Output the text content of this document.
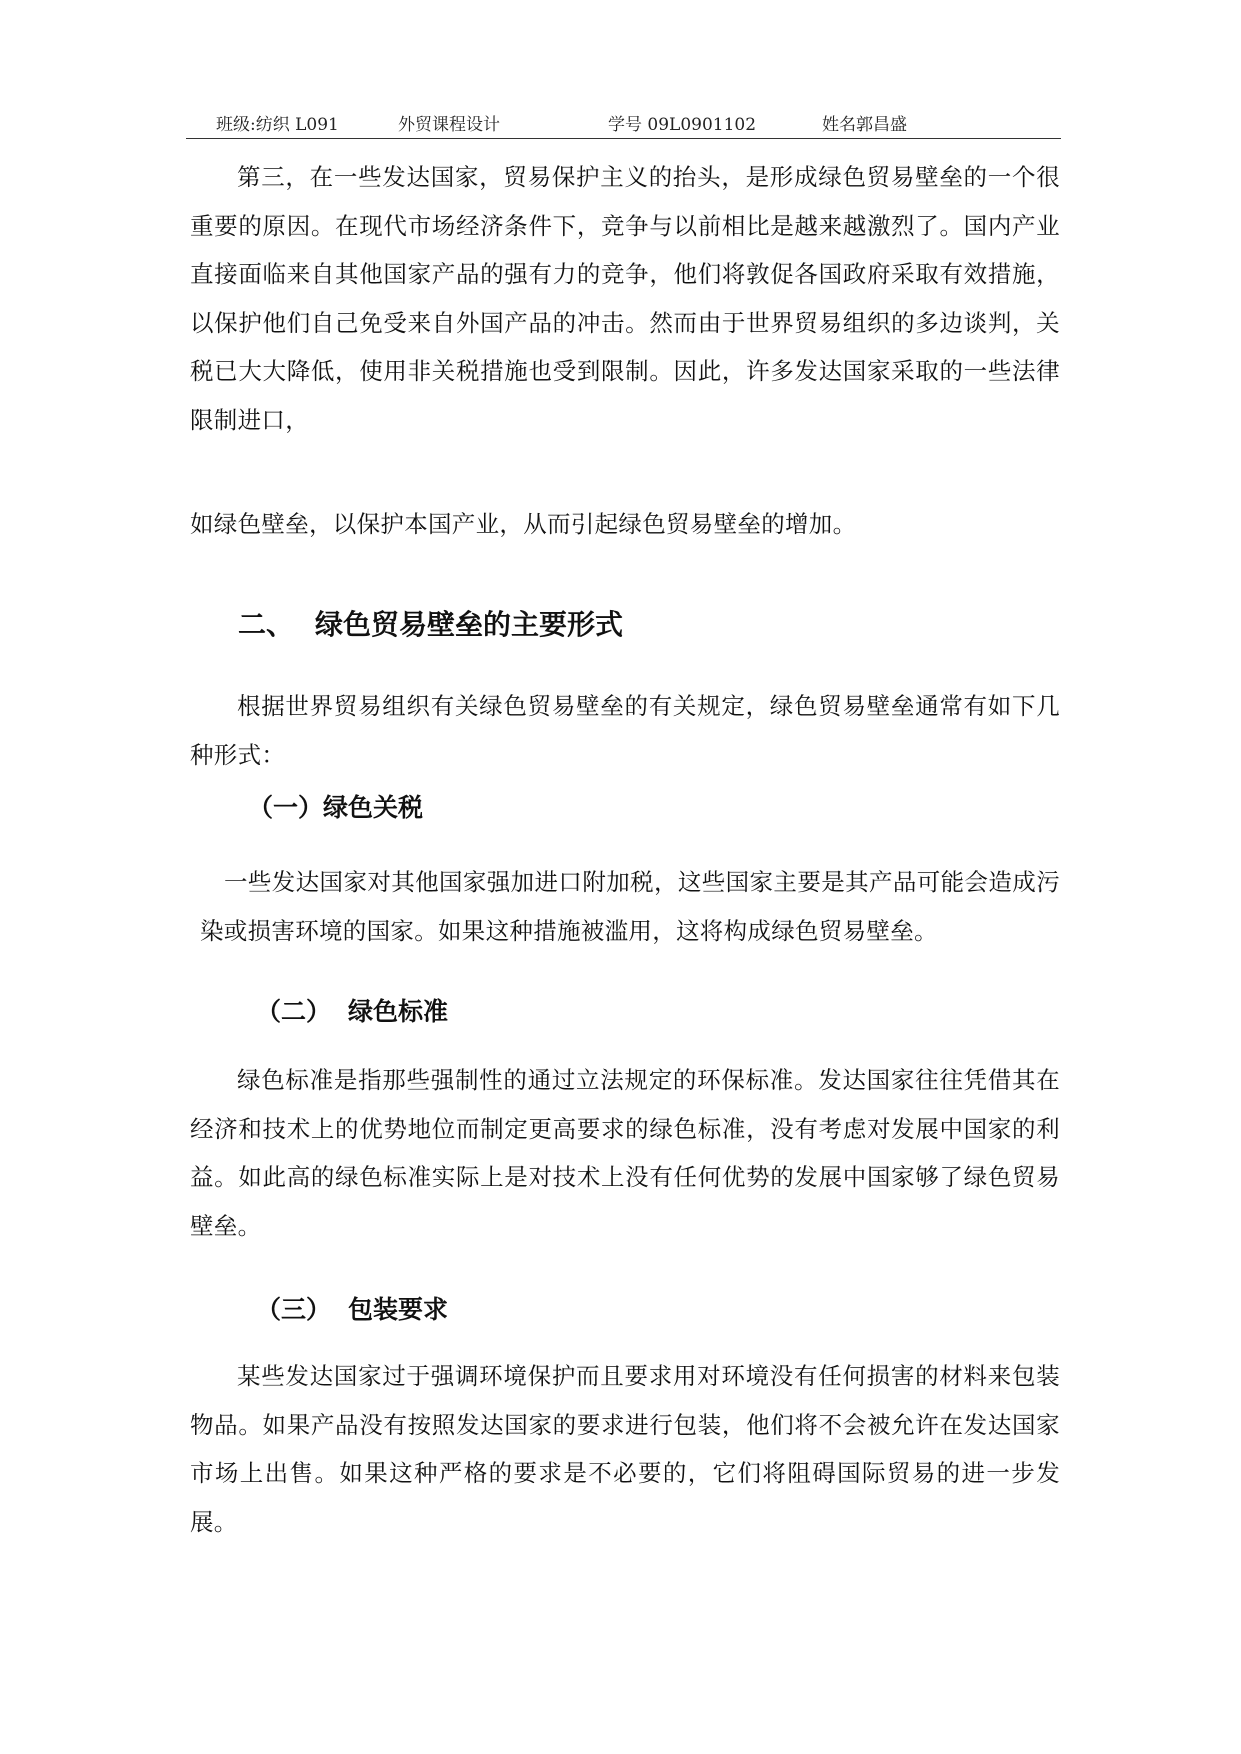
班级:纺织 L091	外贸课程设计	学号 09L0901102	姓名郭昌盛

第三，在一些发达国家，贸易保护主义的抬头，是形成绿色贸易壁垒的一个很重要的原因。在现代市场经济条件下，竞争与以前相比是越来越激烈了。国内产业直接面临来自其他国家产品的强有力的竞争，他们将敦促各国政府采取有效措施，以保护他们自己免受来自外国产品的冲击。然而由于世界贸易组织的多边谈判，关税已大大降低，使用非关税措施也受到限制。因此，许多发达国家采取的一些法律限制进口，

如绿色壁垒，以保护本国产业，从而引起绿色贸易壁垒的增加。

二、 绿色贸易壁垒的主要形式

根据世界贸易组织有关绿色贸易壁垒的有关规定，绿色贸易壁垒通常有如下几种形式：

（一）绿色关税

一些发达国家对其他国家强加进口附加税，这些国家主要是其产品可能会造成污染或损害环境的国家。如果这种措施被滥用，这将构成绿色贸易壁垒。

（二） 绿色标准

绿色标准是指那些强制性的通过立法规定的环保标准。发达国家往往凭借其在经济和技术上的优势地位而制定更高要求的绿色标准，没有考虑对发展中国家的利益。如此高的绿色标准实际上是对技术上没有任何优势的发展中国家够了绿色贸易壁垒。

（三） 包装要求

某些发达国家过于强调环境保护而且要求用对环境没有任何损害的材料来包装物品。如果产品没有按照发达国家的要求进行包装，他们将不会被允许在发达国家市场上出售。如果这种严格的要求是不必要的，它们将阻碍国际贸易的进一步发展。
